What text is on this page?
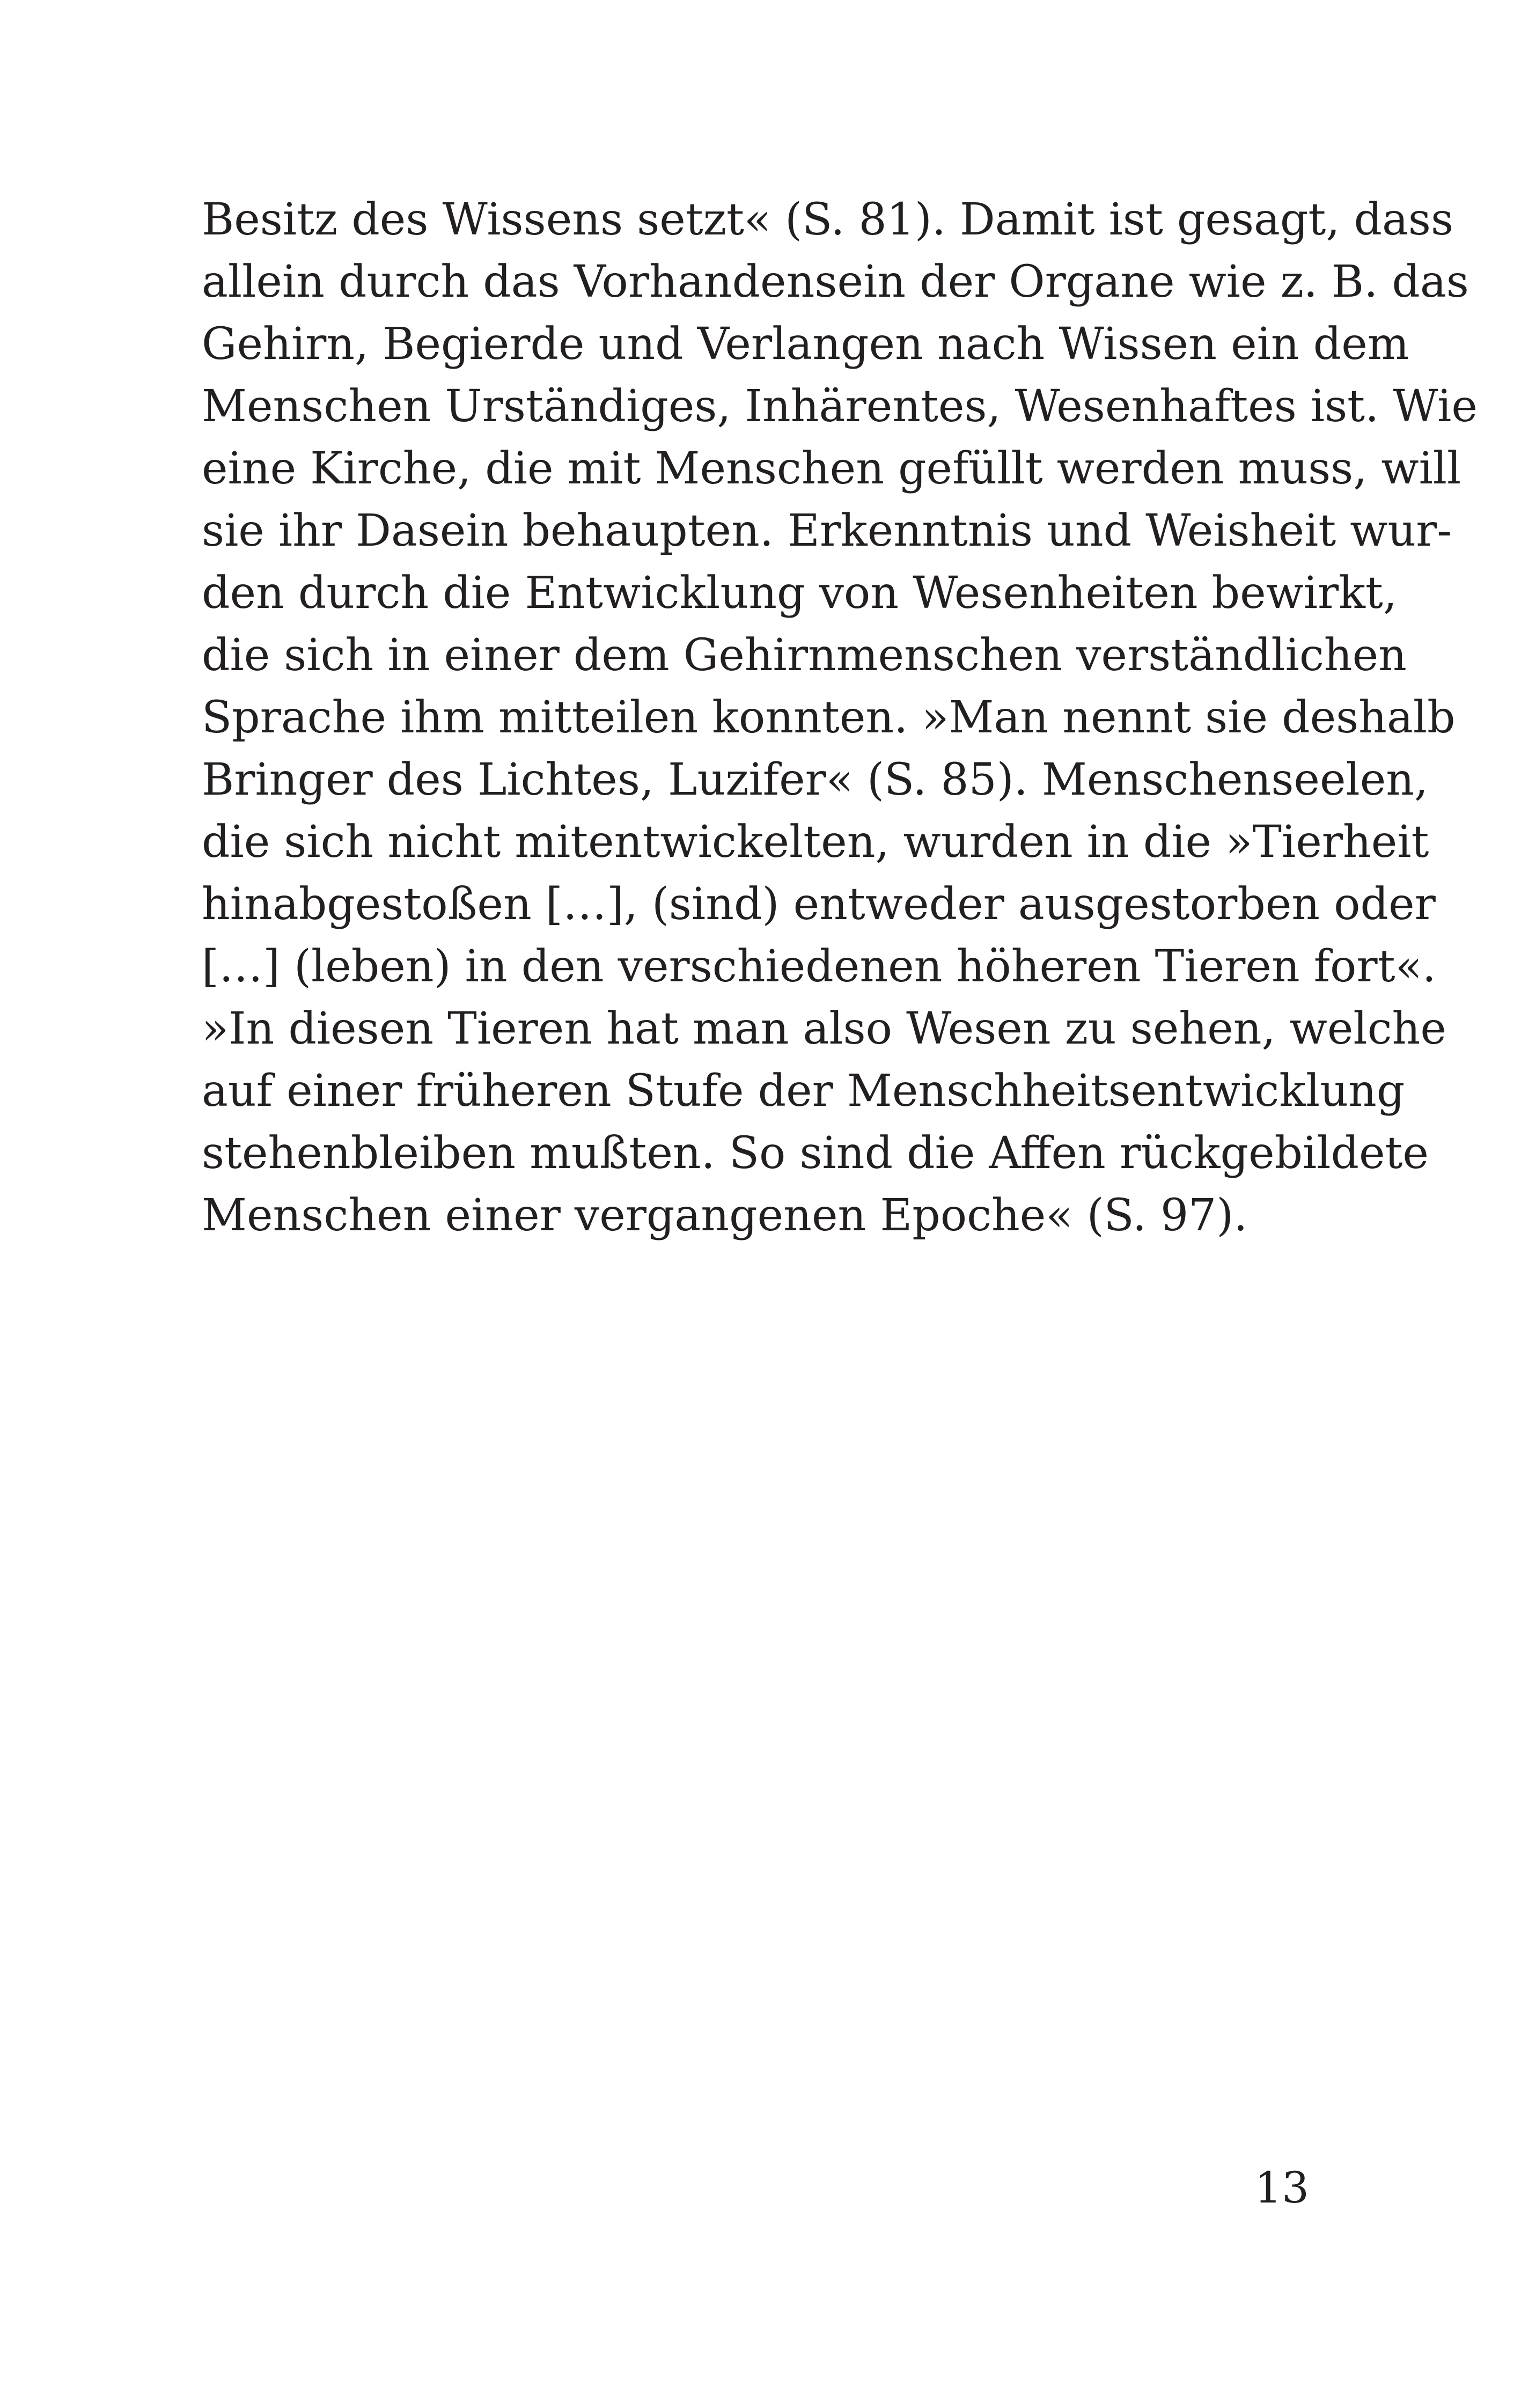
Besitz des Wissens setzt« (S. 81). Damit ist gesagt, dass
allein durch das Vorhandensein der Organe wie z. B. das
Gehirn, Begierde und Verlangen nach Wissen ein dem
Menschen Urständiges, Inhärentes, Wesenhaftes ist. Wie
eine Kirche, die mit Menschen gefüllt werden muss, will
sie ihr Dasein behaupten. Erkenntnis und Weisheit wur-
den durch die Entwicklung von Wesenheiten bewirkt,
die sich in einer dem Gehirnmenschen verständlichen
Sprache ihm mitteilen konnten. »Man nennt sie deshalb
Bringer des Lichtes, Luzifer« (S. 85). Menschenseelen,
die sich nicht mitentwickelten, wurden in die »Tierheit
hinabgestoßen […], (sind) entweder ausgestorben oder
[…] (leben) in den verschiedenen höheren Tieren fort«.
»In diesen Tieren hat man also Wesen zu sehen, welche
auf einer früheren Stufe der Menschheitsentwicklung
stehenbleiben mußten. So sind die Affen rückgebildete
Menschen einer vergangenen Epoche« (S. 97).
13
